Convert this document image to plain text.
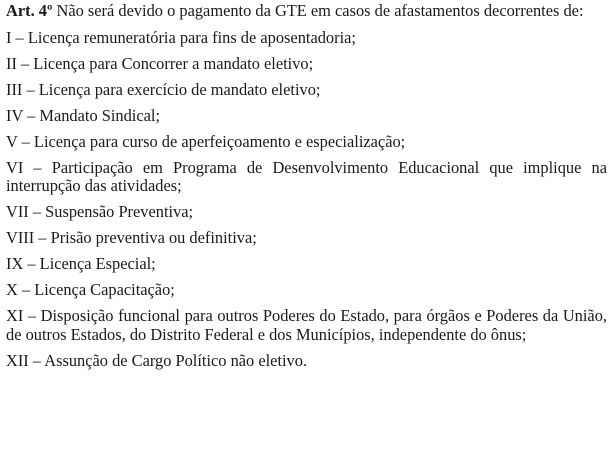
Art. 4º Não será devido o pagamento da GTE em casos de afastamentos decorrentes de:

I – Licença remuneratória para fins de aposentadoria;

II – Licença para Concorrer a mandato eletivo;

III – Licença para exercício de mandato eletivo;

IV – Mandato Sindical;

V – Licença para curso de aperfeiçoamento e especialização;

VI – Participação em Programa de Desenvolvimento Educacional que implique na interrupção das atividades;

VII – Suspensão Preventiva;

VIII – Prisão preventiva ou definitiva;

IX – Licença Especial;

X – Licença Capacitação;

XI – Disposição funcional para outros Poderes do Estado, para órgãos e Poderes da União, de outros Estados, do Distrito Federal e dos Municípios, independente do ônus;

XII – Assunção de Cargo Político não eletivo.
